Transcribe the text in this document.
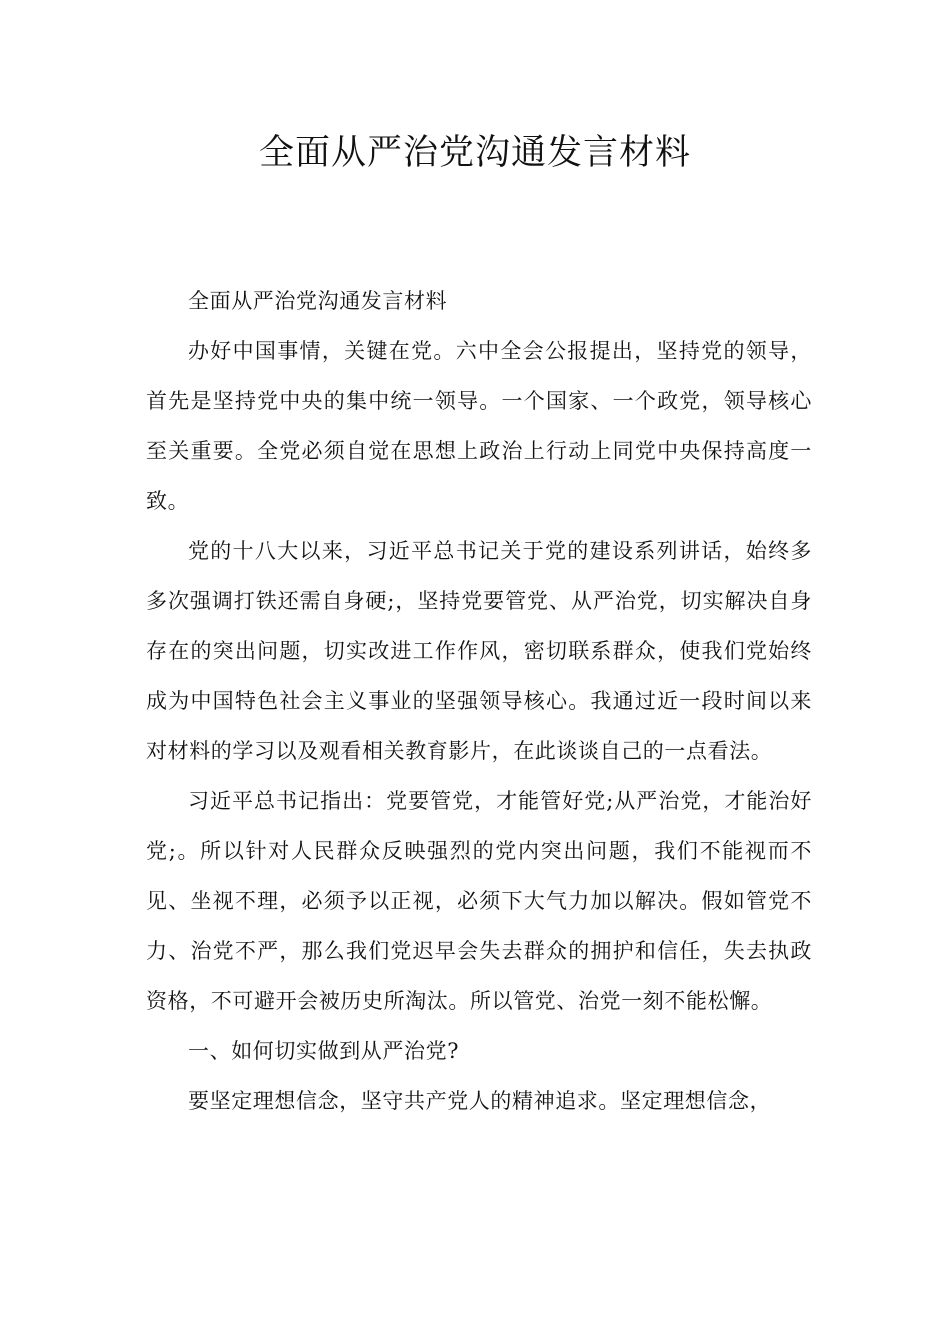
全面从严治党沟通发言材料

全面从严治党沟通发言材料

办好中国事情，关键在党。六中全会公报提出，坚持党的领导，首先是坚持党中央的集中统一领导。一个国家、一个政党，领导核心至关重要。全党必须自觉在思想上政治上行动上同党中央保持高度一致。

党的十八大以来，习近平总书记关于党的建设系列讲话，始终多多次强调打铁还需自身硬;，坚持党要管党、从严治党，切实解决自身存在的突出问题，切实改进工作作风，密切联系群众，使我们党始终成为中国特色社会主义事业的坚强领导核心。我通过近一段时间以来对材料的学习以及观看相关教育影片，在此谈谈自己的一点看法。

习近平总书记指出：党要管党，才能管好党;从严治党，才能治好党;。所以针对人民群众反映强烈的党内突出问题，我们不能视而不见、坐视不理，必须予以正视，必须下大气力加以解决。假如管党不力、治党不严，那么我们党迟早会失去群众的拥护和信任，失去执政资格，不可避开会被历史所淘汰。所以管党、治党一刻不能松懈。

一、如何切实做到从严治党?

要坚定理想信念，坚守共产党人的精神追求。坚定理想信念，
